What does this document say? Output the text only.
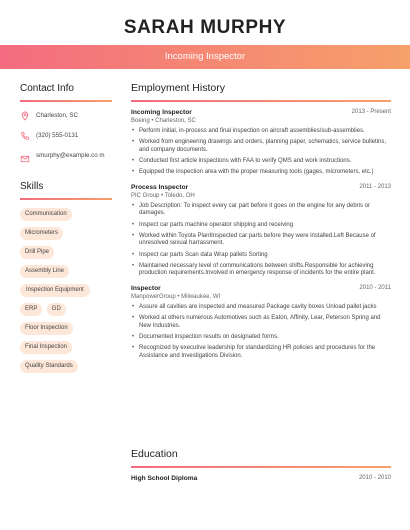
SARAH MURPHY
Incoming Inspector
Contact Info
Charleston, SC
(320) 555-0131
smurphy@example.co m
Skills
Communication
Micrometers
Drill Pipe
Assembly Line
Inspection Equipment
ERP GD
Floor Inspection
Final Inspection
Quality Standards
Employment History
Incoming Inspector	2013 - Present
Boeing • Charleston, SC
• Perform initial, in-process and final inspection on aircraft assemblies/sub-assemblies.
• Worked from engineering drawings and orders, planning paper, schematics, service bulletins, and company documents.
• Conducted first article inspections with FAA to verify QMS and work instructions.
• Equipped the inspection area with the proper measuring tools (gages, micrometers, etc.)
Process Inspector	2011 - 2013
PIC Group • Toledo, OH
• Job Description: To inspect every car part before it goes on the engine for any debris or damages.
• Inspect car parts machine operator shipping and receiving
• Worked within Toyota PlantInspected car parts before they were installed.Left Because of unresolved sexual harrassment.
• Inspect car parts Scan data Wrap pallets Sorting
• Maintained necessary level of communications between shifts.Responsible for achieving production requirements.Involved in emergency response of incidents for the entire plant.
Inspector	2010 - 2011
ManpowerGroup • Milwaukee, WI
• Assure all cavities are inspected and measured Package cavity boxes Unload pallet jacks
• Worked at others numerous Automotives such as Eaton, Affinity, Lear, Peterson Spring and New Industries.
• Documented inspection results on designated forms.
• Recognized by executive leadership for standardizing HR policies and procedures for the Assistance and Investigations Division.
Education
High School Diploma	2010 - 2010
